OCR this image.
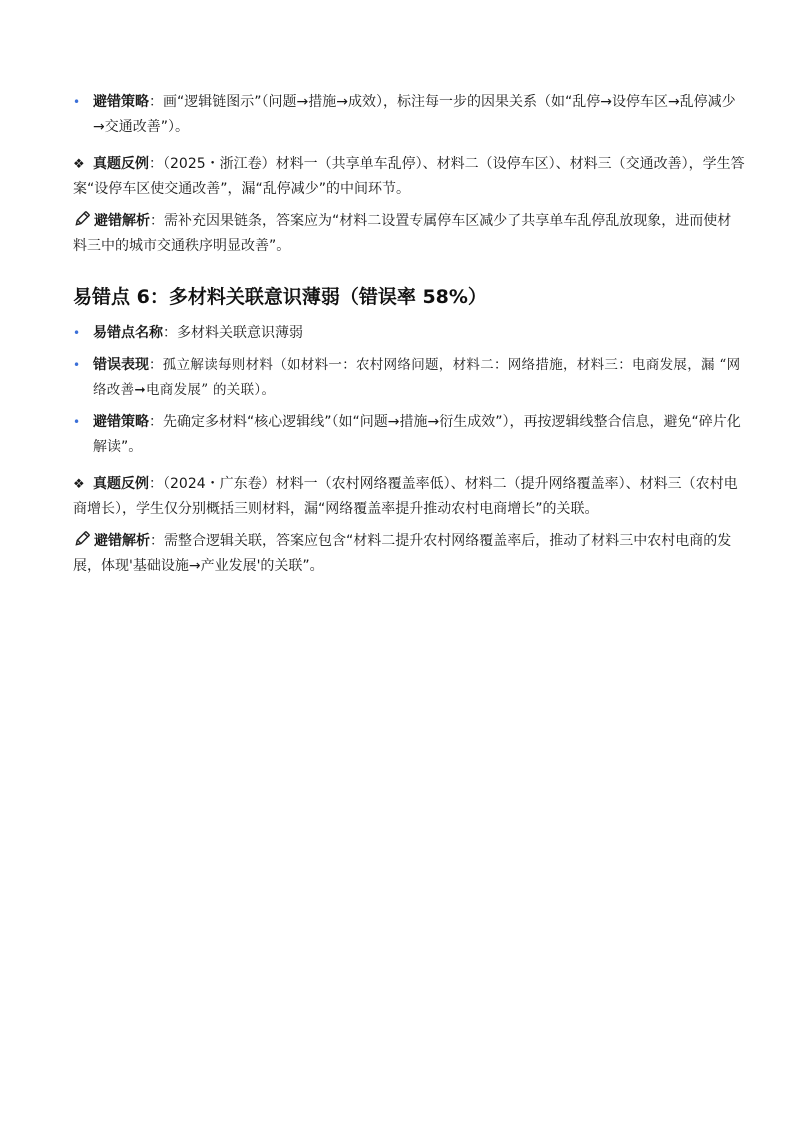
• 避错策略：画“逻辑链图示”（问题→措施→成效），标注每一步的因果关系（如“乱停→设停车区→乱停减少→交通改善”）。

❖ 真题反例：（2025・浙江卷）材料一（共享单车乱停）、材料二（设停车区）、材料三（交通改善），学生答案“设停车区使交通改善”，漏“乱停减少”的中间环节。

避错解析：需补充因果链条，答案应为“材料二设置专属停车区减少了共享单车乱停乱放现象，进而使材料三中的城市交通秩序明显改善”。

易错点 6：多材料关联意识薄弱（错误率 58%）
• 易错点名称：多材料关联意识薄弱
• 错误表现：孤立解读每则材料（如材料一：农村网络问题，材料二：网络措施，材料三：电商发展，漏 “网络改善➞电商发展” 的关联）。
• 避错策略：先确定多材料“核心逻辑线”（如“问题→措施→衍生成效”），再按逻辑线整合信息，避免“碎片化解读”。

❖ 真题反例：（2024・广东卷）材料一（农村网络覆盖率低）、材料二（提升网络覆盖率）、材料三（农村电商增长），学生仅分别概括三则材料，漏“网络覆盖率提升推动农村电商增长”的关联。

避错解析：需整合逻辑关联，答案应包含“材料二提升农村网络覆盖率后，推动了材料三中农村电商的发展，体现'基础设施→产业发展'的关联”。
